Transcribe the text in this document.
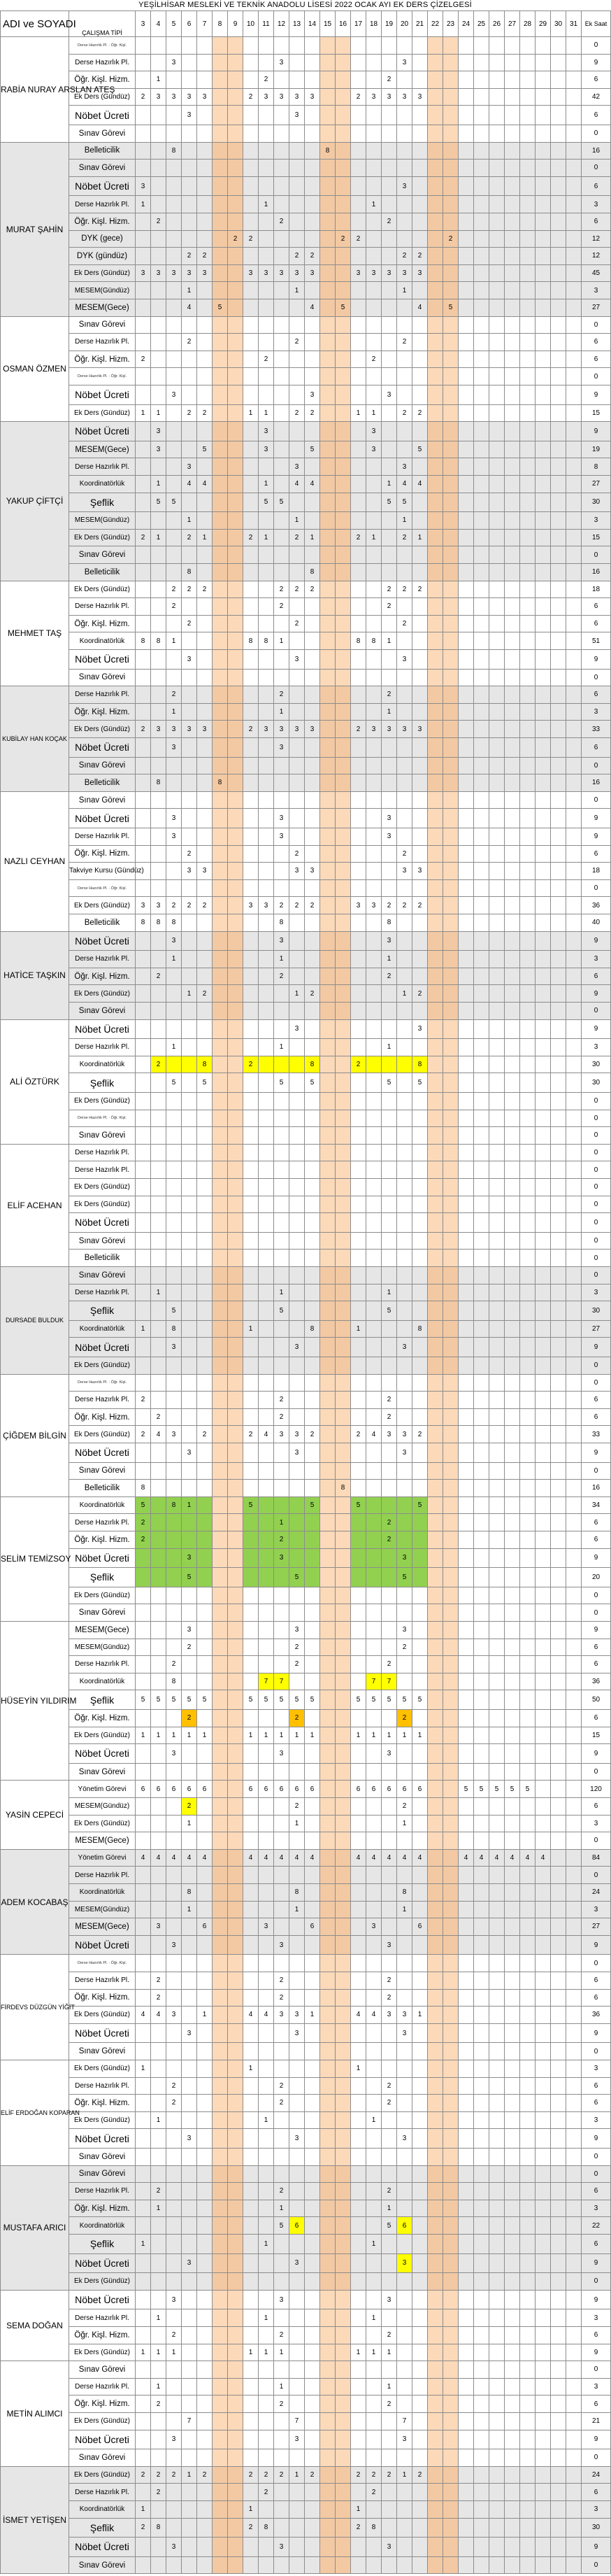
YEŞİLHİSAR MESLEKİ VE TEKNİK ANADOLU LİSESİ 2022 OCAK AYI EK DERS ÇİZELGESİ
ADI ve SOYADI	ÇALIŞMA TİPİ	3	4	5	6	7	8	9	10	11	12	13	14	15	16	17	18	19	20	21	22	23	24	25	26	27	28	29	30	31	Ek Saat
RABİA NURAY ARSLAN ATEŞ	Derse Hazırlık Pl. · Öğr. Kişl.																														0
	Derse Hazırlık Pl.			3							3								3												9
	Öğr. Kişl. Hizm.		1							2								2													6
	Ek Ders (Gündüz)	2	3	3	3	3			2	3	3	3	3			2	3	3	3	3											42
	Nöbet Ücreti				3							3																			6
	Sınav Görevi																														0
MURAT ŞAHİN	Belleticilik			8										8																	16
	Sınav Görevi																														0
	Nöbet Ücreti	3																	3												6
	Derse Hazırlık Pl.	1								1							1														3
	Öğr. Kişl. Hizm.		2								2							2													6
	DYK (gece)							2	2						2	2						2									12
	DYK (gündüz)				2	2						2	2						2	2											12
	Ek Ders (Gündüz)	3	3	3	3	3			3	3	3	3	3			3	3	3	3	3											45
	MESEM(Gündüz)				1							1							1												3
	MESEM(Gece)				4		5						4		5					4		5									27
OSMAN ÖZMEN	Sınav Görevi																														0
	Derse Hazırlık Pl.				2							2							2												6
	Öğr. Kişl. Hizm.	2								2							2														6
	Derse Hazırlık Pl. · Öğr. Kişl.																														0
	Nöbet Ücreti			3									3					3													9
	Ek Ders (Gündüz)	1	1		2	2			1	1		2	2			1	1		2	2											15
YAKUP ÇİFTÇİ	Nöbet Ücreti		3							3							3														9
	MESEM(Gece)		3			5				3			5				3			5											19
	Derse Hazırlık Pl.				3							3							3												8
	Koordinatörlük		1		4	4				1		4	4					1	4	4											27
	Şeflik		5	5						5	5							5	5												30
	MESEM(Gündüz)				1							1							1												3
	Ek Ders (Gündüz)	2	1		2	1			2	1		2	1			2	1		2	1											15
	Sınav Görevi																														0
	Belleticilik				8								8																		16
MEHMET TAŞ	Ek Ders (Gündüz)			2	2	2					2	2	2					2	2	2											18
	Derse Hazırlık Pl.			2							2							2													6
	Öğr. Kişl. Hizm.				2							2							2												6
	Koordinatörlük	8	8	1					8	8	1					8	8	1													51
	Nöbet Ücreti				3							3							3												9
	Sınav Görevi																														0
KUBİLAY HAN KOÇAK	Derse Hazırlık Pl.			2							2							2													6
	Öğr. Kişl. Hizm.			1							1							1													3
	Ek Ders (Gündüz)	2	3	3	3	3			2	3	3	3	3			2	3	3	3	3											33
	Nöbet Ücreti			3							3																				6
	Sınav Görevi																														0
	Belleticilik		8				8																								16
NAZLI CEYHAN	Sınav Görevi																														0
	Nöbet Ücreti			3							3							3													9
	Derse Hazırlık Pl.			3							3							3													9
	Öğr. Kişl. Hizm.				2							2							2												6
	Takviye Kursu (Gündüz)				3	3						3	3						3	3											18
	Derse Hazırlık Pl. · Öğr. Kişl.																														0
	Ek Ders (Gündüz)	3	3	2	2	2			3	3	2	2	2			3	3	2	2	2											36
	Belleticilik	8	8	8							8							8													40
HATİCE TAŞKIN	Nöbet Ücreti			3							3							3													9
	Derse Hazırlık Pl.			1							1							1													3
	Öğr. Kişl. Hizm.		2								2							2													6
	Ek Ders (Gündüz)				1	2						1	2						1	2											9
	Sınav Görevi																														0
ALİ ÖZTÜRK	Nöbet Ücreti											3								3											9
	Derse Hazırlık Pl.			1							1							1													3
	Koordinatörlük		2			8			2				8			2				8											30
	Şeflik			5		5					5		5					5		5											30
	Ek Ders (Gündüz)																														0
	Derse Hazırlık Pl. · Öğr. Kişl.																														0
	Sınav Görevi																														0
ELİF ACEHAN	Derse Hazırlık Pl.																														0
	Derse Hazırlık Pl.																														0
	Ek Ders (Gündüz)																														0
	Ek Ders (Gündüz)																														0
	Nöbet Ücreti																														0
	Sınav Görevi																														0
	Belleticilik																														0
DURSADE BULDUK	Sınav Görevi																														0
	Derse Hazırlık Pl.		1								1							1													3
	Şeflik			5							5							5													30
	Koordinatörlük	1		8					1				8			1				8											27
	Nöbet Ücreti			3								3							3												9
	Ek Ders (Gündüz)																														0
ÇİĞDEM BİLGİN	Derse Hazırlık Pl. · Öğr. Kişl.																														0
	Derse Hazırlık Pl.	2									2							2													6
	Öğr. Kişl. Hizm.		2								2							2													6
	Ek Ders (Gündüz)	2	4	3		2			2	4	3	3	2			2	4	3	3	2											33
	Nöbet Ücreti				3							3							3												9
	Sınav Görevi																														0
	Belleticilik	8													8																16
SELİM TEMİZSOY	Koordinatörlük	5		8	1				5				5			5				5											34
	Derse Hazırlık Pl.	2									1							2													6
	Öğr. Kişl. Hizm.	2									2							2													6
	Nöbet Ücreti				3						3								3												9
	Şeflik				5							5							5												20
	Ek Ders (Gündüz)																														0
	Sınav Görevi																														0
HÜSEYİN YILDIRIM	MESEM(Gece)				3							3							3												9
	MESEM(Gündüz)				2							2							2												6
	Derse Hazırlık Pl.			2								2						2													6
	Koordinatörlük			8						7	7						7	7													36
	Şeflik	5	5	5	5	5			5	5	5	5	5			5	5	5	5	5											50
	Öğr. Kişl. Hizm.				2							2							2												6
	Ek Ders (Gündüz)	1	1	1	1	1			1	1	1	1	1			1	1	1	1	1											15
	Nöbet Ücreti			3							3							3													9
	Sınav Görevi																														0
YASİN CEPECİ	Yönetim Görevi	6	6	6	6	6			6	6	6	6	6			6	6	6	6	6			5	5	5	5	5				120
	MESEM(Gündüz)				2							2							2												6
	Ek Ders (Gündüz)				1							1							1												3
	MESEM(Gece)																														0
ADEM KOCABAŞ	Yönetim Görevi	4	4	4	4	4			4	4	4	4	4			4	4	4	4	4			4	4	4	4	4	4			84
	Derse Hazırlık Pl.																														0
	Koordinatörlük				8							8							8												24
	MESEM(Gündüz)				1							1							1												3
	MESEM(Gece)		3			6				3			6				3			6											27
	Nöbet Ücreti			3							3							3													9
FİRDEVS DÜZGÜN YİĞİT	Derse Hazırlık Pl. · Öğr. Kişl.																														0
	Derse Hazırlık Pl.		2								2							2													6
	Öğr. Kişl. Hizm.		2								2							2													6
	Ek Ders (Gündüz)	4	4	3		1			4	4	3	3	1			4	4	3	3	1											36
	Nöbet Ücreti				3							3							3												9
	Sınav Görevi																														0
ELİF ERDOĞAN KOPARAN	Ek Ders (Gündüz)	1							1							1															3
	Derse Hazırlık Pl.			2							2							2													6
	Öğr. Kişl. Hizm.			2							2							2													6
	Ek Ders (Gündüz)		1							1							1														3
	Nöbet Ücreti				3							3							3												9
	Sınav Görevi																														0
MUSTAFA ARICI	Sınav Görevi																														0
	Derse Hazırlık Pl.		2								2							2													6
	Öğr. Kişl. Hizm.		1								1							1													3
	Koordinatörlük										5	6						5	6												22
	Şeflik	1								1							1														6
	Nöbet Ücreti				3							3							3												9
	Ek Ders (Gündüz)																														0
SEMA DOĞAN	Nöbet Ücreti			3							3							3													9
	Derse Hazırlık Pl.		1							1							1														3
	Öğr. Kişl. Hizm.			2							2							2													6
	Ek Ders (Gündüz)	1	1	1					1	1	1					1	1	1													9
METİN ALIMCI	Sınav Görevi																														0
	Derse Hazırlık Pl.		1								1							1													3
	Öğr. Kişl. Hizm.		2								2							2													6
	Ek Ders (Gündüz)				7							7							7												21
	Nöbet Ücreti			3								3							3												9
	Sınav Görevi																														0
İSMET YETİŞEN	Ek Ders (Gündüz)	2	2	2	1	2			2	2	2	1	2			2	2	2	1	2											24
	Derse Hazırlık Pl.		2							2							2														6
	Koordinatörlük	1							1							1															3
	Şeflik	2	8						2	8						2	8														30
	Nöbet Ücreti			3							3							3													9
	Sınav Görevi																														0
